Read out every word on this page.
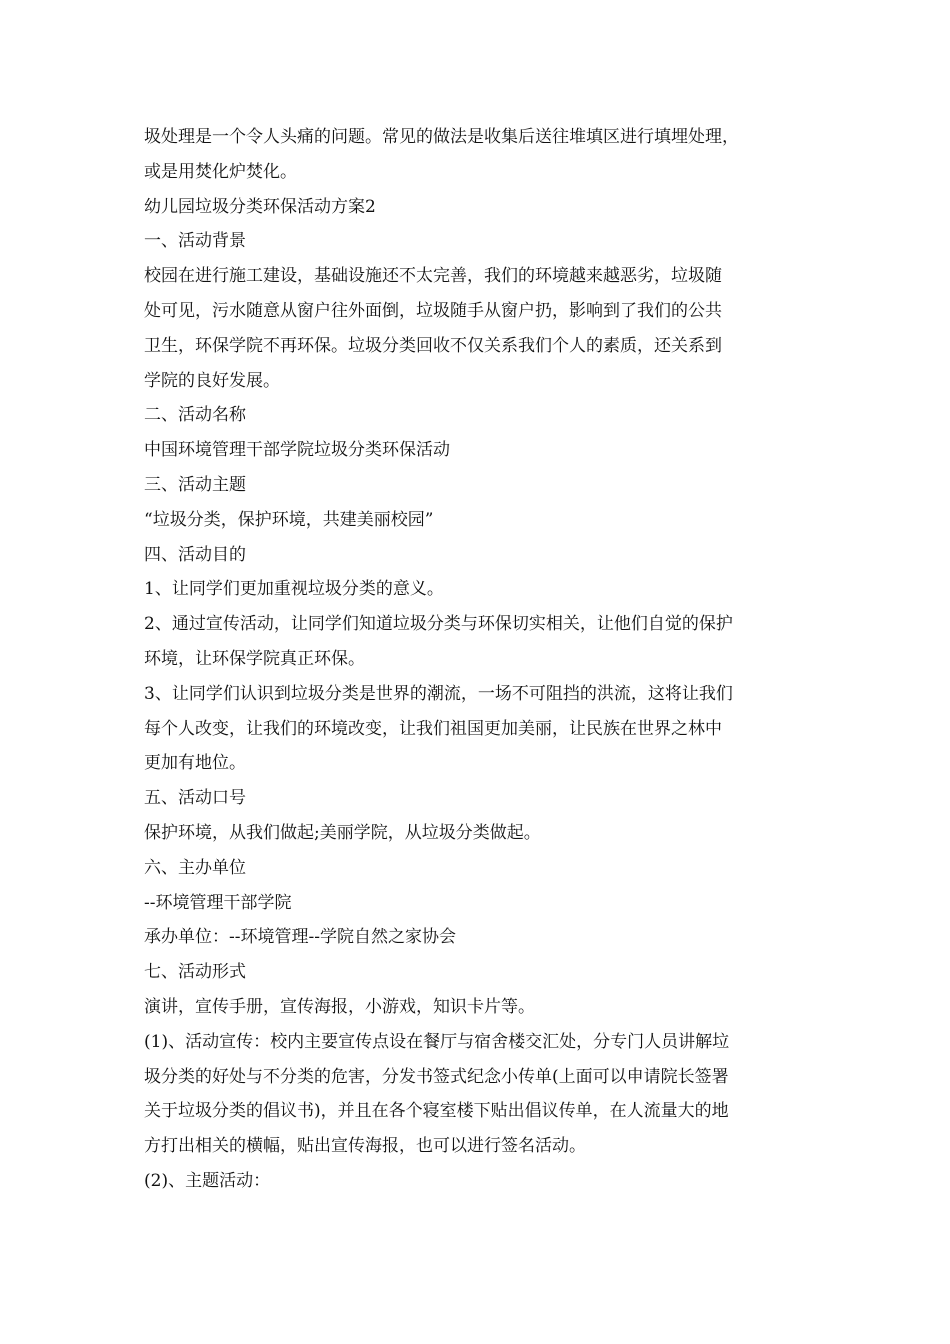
圾处理是一个令人头痛的问题。常见的做法是收集后送往堆填区进行填埋处理，
或是用焚化炉焚化。
幼儿园垃圾分类环保活动方案2
一、活动背景
校园在进行施工建设，基础设施还不太完善，我们的环境越来越恶劣，垃圾随
处可见，污水随意从窗户往外面倒，垃圾随手从窗户扔，影响到了我们的公共
卫生，环保学院不再环保。垃圾分类回收不仅关系我们个人的素质，还关系到
学院的良好发展。
二、活动名称
中国环境管理干部学院垃圾分类环保活动
三、活动主题
“垃圾分类，保护环境，共建美丽校园”
四、活动目的
1、让同学们更加重视垃圾分类的意义。
2、通过宣传活动，让同学们知道垃圾分类与环保切实相关，让他们自觉的保护
环境，让环保学院真正环保。
3、让同学们认识到垃圾分类是世界的潮流，一场不可阻挡的洪流，这将让我们
每个人改变，让我们的环境改变，让我们祖国更加美丽，让民族在世界之林中
更加有地位。
五、活动口号
保护环境，从我们做起;美丽学院，从垃圾分类做起。
六、主办单位
--环境管理干部学院
承办单位：--环境管理--学院自然之家协会
七、活动形式
演讲，宣传手册，宣传海报，小游戏，知识卡片等。
(1)、活动宣传：校内主要宣传点设在餐厅与宿舍楼交汇处，分专门人员讲解垃
圾分类的好处与不分类的危害，分发书签式纪念小传单(上面可以申请院长签署
关于垃圾分类的倡议书)，并且在各个寝室楼下贴出倡议传单，在人流量大的地
方打出相关的横幅，贴出宣传海报，也可以进行签名活动。
(2)、主题活动：
